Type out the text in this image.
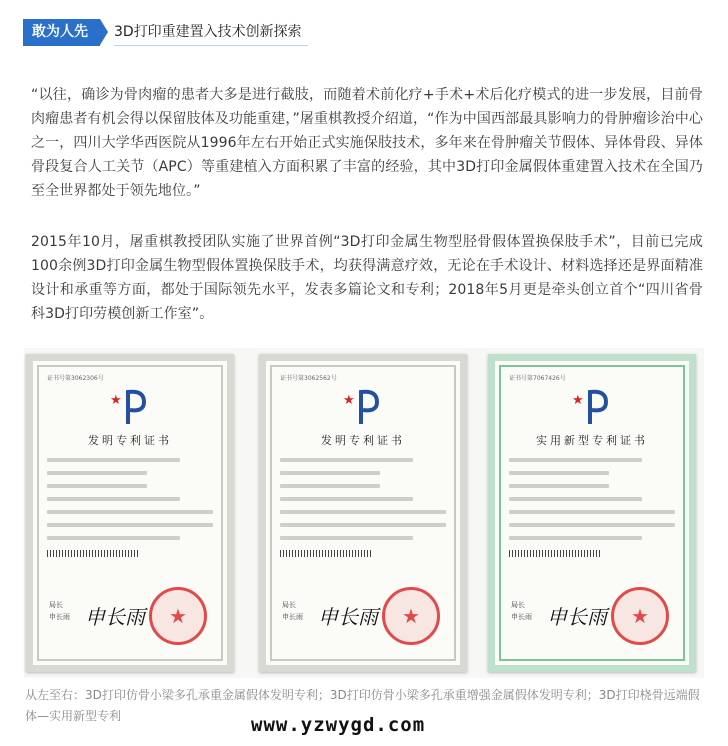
敢为人先	3D打印重建置入技术创新探索

“以往，确诊为骨肉瘤的患者大多是进行截肢，而随着术前化疗+手术+术后化疗模式的进一步发展，目前骨肉瘤患者有机会得以保留肢体及功能重建，”屠重棋教授介绍道，“作为中国西部最具影响力的骨肿瘤诊治中心之一，四川大学华西医院从1996年左右开始正式实施保肢技术，多年来在骨肿瘤关节假体、异体骨段、异体骨段复合人工关节（APC）等重建植入方面积累了丰富的经验，其中3D打印金属假体重建置入技术在全国乃至全世界都处于领先地位。”

2015年10月，屠重棋教授团队实施了世界首例“3D打印金属生物型胫骨假体置换保肢手术”，目前已完成100余例3D打印金属生物型假体置换保肢手术，均获得满意疗效，无论在手术设计、材料选择还是界面精准设计和承重等方面，都处于国际领先水平，发表多篇论文和专利；2018年5月更是牵头创立首个“四川省骨科3D打印劳模创新工作室”。

证书号第3062306号
★
发明专利证书
局长
申长雨 申长雨
★
证书号第3062562号
★
发明专利证书
局长
申长雨 申长雨
★
证书号第7067426号
★
实用新型专利证书
局长
申长雨 申长雨
★

从左至右：3D打印仿骨小梁多孔承重金属假体发明专利；3D打印仿骨小梁多孔承重增强金属假体发明专利；3D打印桡骨远端假体—实用新型专利	www.yzwygd.com
